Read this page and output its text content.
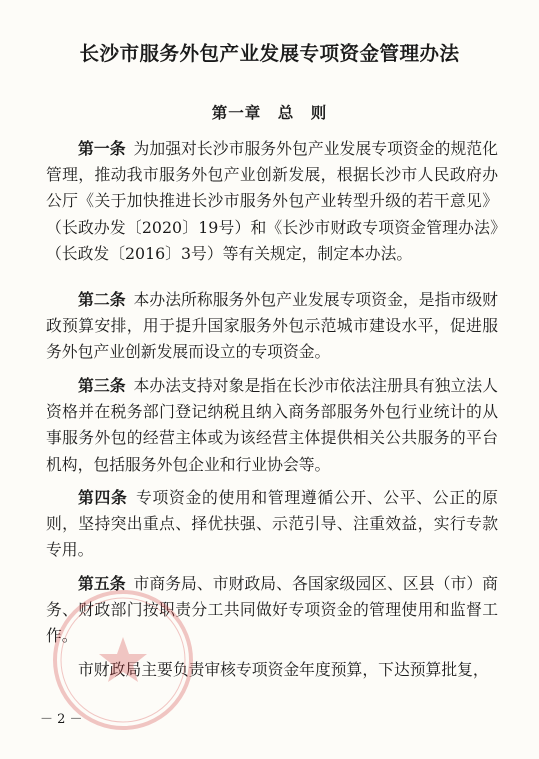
长沙市服务外包产业发展专项资金管理办法
第一章　总　则

第一条  为加强对长沙市服务外包产业发展专项资金的规范化管理，推动我市服务外包产业创新发展，根据长沙市人民政府办公厅《关于加快推进长沙市服务外包产业转型升级的若干意见》（长政办发〔2020〕19号）和《长沙市财政专项资金管理办法》（长政发〔2016〕3号）等有关规定，制定本办法。

第二条  本办法所称服务外包产业发展专项资金，是指市级财政预算安排，用于提升国家服务外包示范城市建设水平，促进服务外包产业创新发展而设立的专项资金。

第三条  本办法支持对象是指在长沙市依法注册具有独立法人资格并在税务部门登记纳税且纳入商务部服务外包行业统计的从事服务外包的经营主体或为该经营主体提供相关公共服务的平台机构，包括服务外包企业和行业协会等。

第四条  专项资金的使用和管理遵循公开、公平、公正的原则，坚持突出重点、择优扶强、示范引导、注重效益，实行专款专用。

第五条  市商务局、市财政局、各国家级园区、区县（市）商务、财政部门按职责分工共同做好专项资金的管理使用和监督工作。

市财政局主要负责审核专项资金年度预算，下达预算批复，

－ 2 －
